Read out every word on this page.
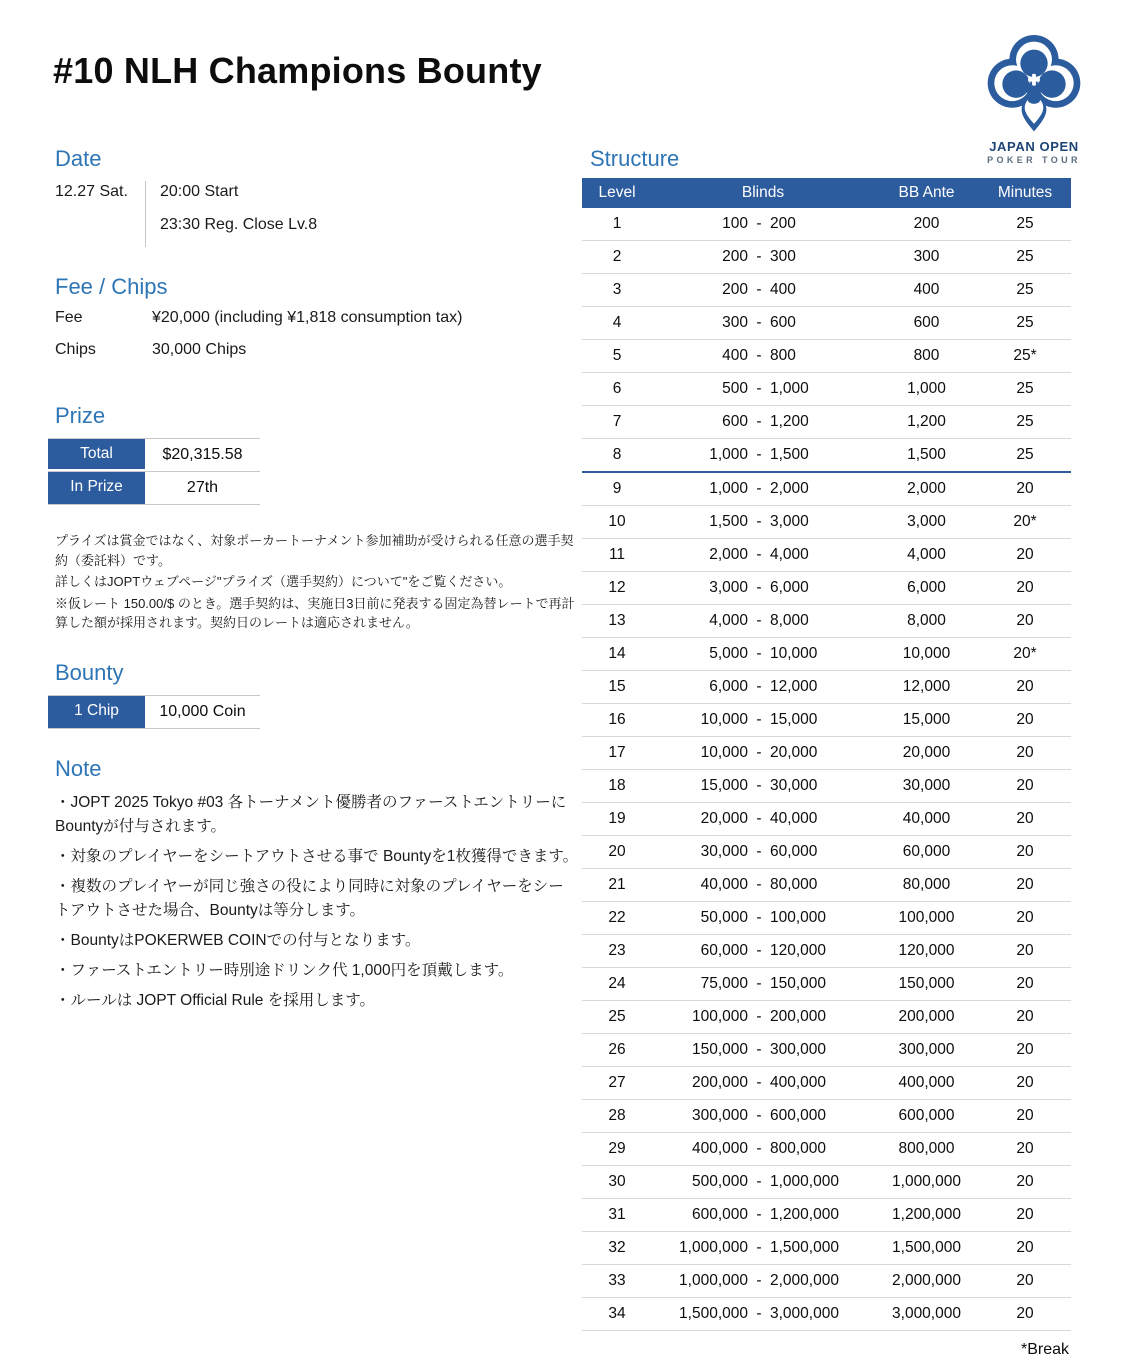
#10 NLH Champions Bounty
JAPAN OPEN
POKER TOUR
Date
12.27 Sat.	20:00 Start
23:30 Reg. Close Lv.8
Fee / Chips
Fee	¥20,000 (including ¥1,818 consumption tax)
Chips	30,000 Chips
Prize
Total	$20,315.58
In Prize	27th

プライズは賞金ではなく、対象ポーカートーナメント参加補助が受けられる任意の選手契約（委託料）です。

詳しくはJOPTウェブページ"プライズ（選手契約）について"をご覧ください。

※仮レート 150.00/$ のとき。選手契約は、実施日3日前に発表する固定為替レートで再計算した額が採用されます。契約日のレートは適応されません。

Bounty
1 Chip	10,000 Coin
Note

・JOPT 2025 Tokyo #03 各トーナメント優勝者のファーストエントリーに Bountyが付与されます。

・対象のプレイヤーをシートアウトさせる事で Bountyを1枚獲得できます。

・複数のプレイヤーが同じ強さの役により同時に対象のプレイヤーをシートアウトさせた場合、Bountyは等分します。

・BountyはPOKERWEB COINでの付与となります。

・ファーストエントリー時別途ドリンク代 1,000円を頂戴します。

・ルールは JOPT Official Rule を採用します。

Structure
Level	Blinds	BB Ante	Minutes
1	100 - 200	200	25
2	200 - 300	300	25
3	200 - 400	400	25
4	300 - 600	600	25
5	400 - 800	800	25*
6	500 - 1,000	1,000	25
7	600 - 1,200	1,200	25
8	1,000 - 1,500	1,500	25
9	1,000 - 2,000	2,000	20
10	1,500 - 3,000	3,000	20*
11	2,000 - 4,000	4,000	20
12	3,000 - 6,000	6,000	20
13	4,000 - 8,000	8,000	20
14	5,000 - 10,000	10,000	20*
15	6,000 - 12,000	12,000	20
16	10,000 - 15,000	15,000	20
17	10,000 - 20,000	20,000	20
18	15,000 - 30,000	30,000	20
19	20,000 - 40,000	40,000	20
20	30,000 - 60,000	60,000	20
21	40,000 - 80,000	80,000	20
22	50,000 - 100,000	100,000	20
23	60,000 - 120,000	120,000	20
24	75,000 - 150,000	150,000	20
25	100,000 - 200,000	200,000	20
26	150,000 - 300,000	300,000	20
27	200,000 - 400,000	400,000	20
28	300,000 - 600,000	600,000	20
29	400,000 - 800,000	800,000	20
30	500,000 - 1,000,000	1,000,000	20
31	600,000 - 1,200,000	1,200,000	20
32	1,000,000 - 1,500,000	1,500,000	20
33	1,000,000 - 2,000,000	2,000,000	20
34	1,500,000 - 3,000,000	3,000,000	20
*Break
